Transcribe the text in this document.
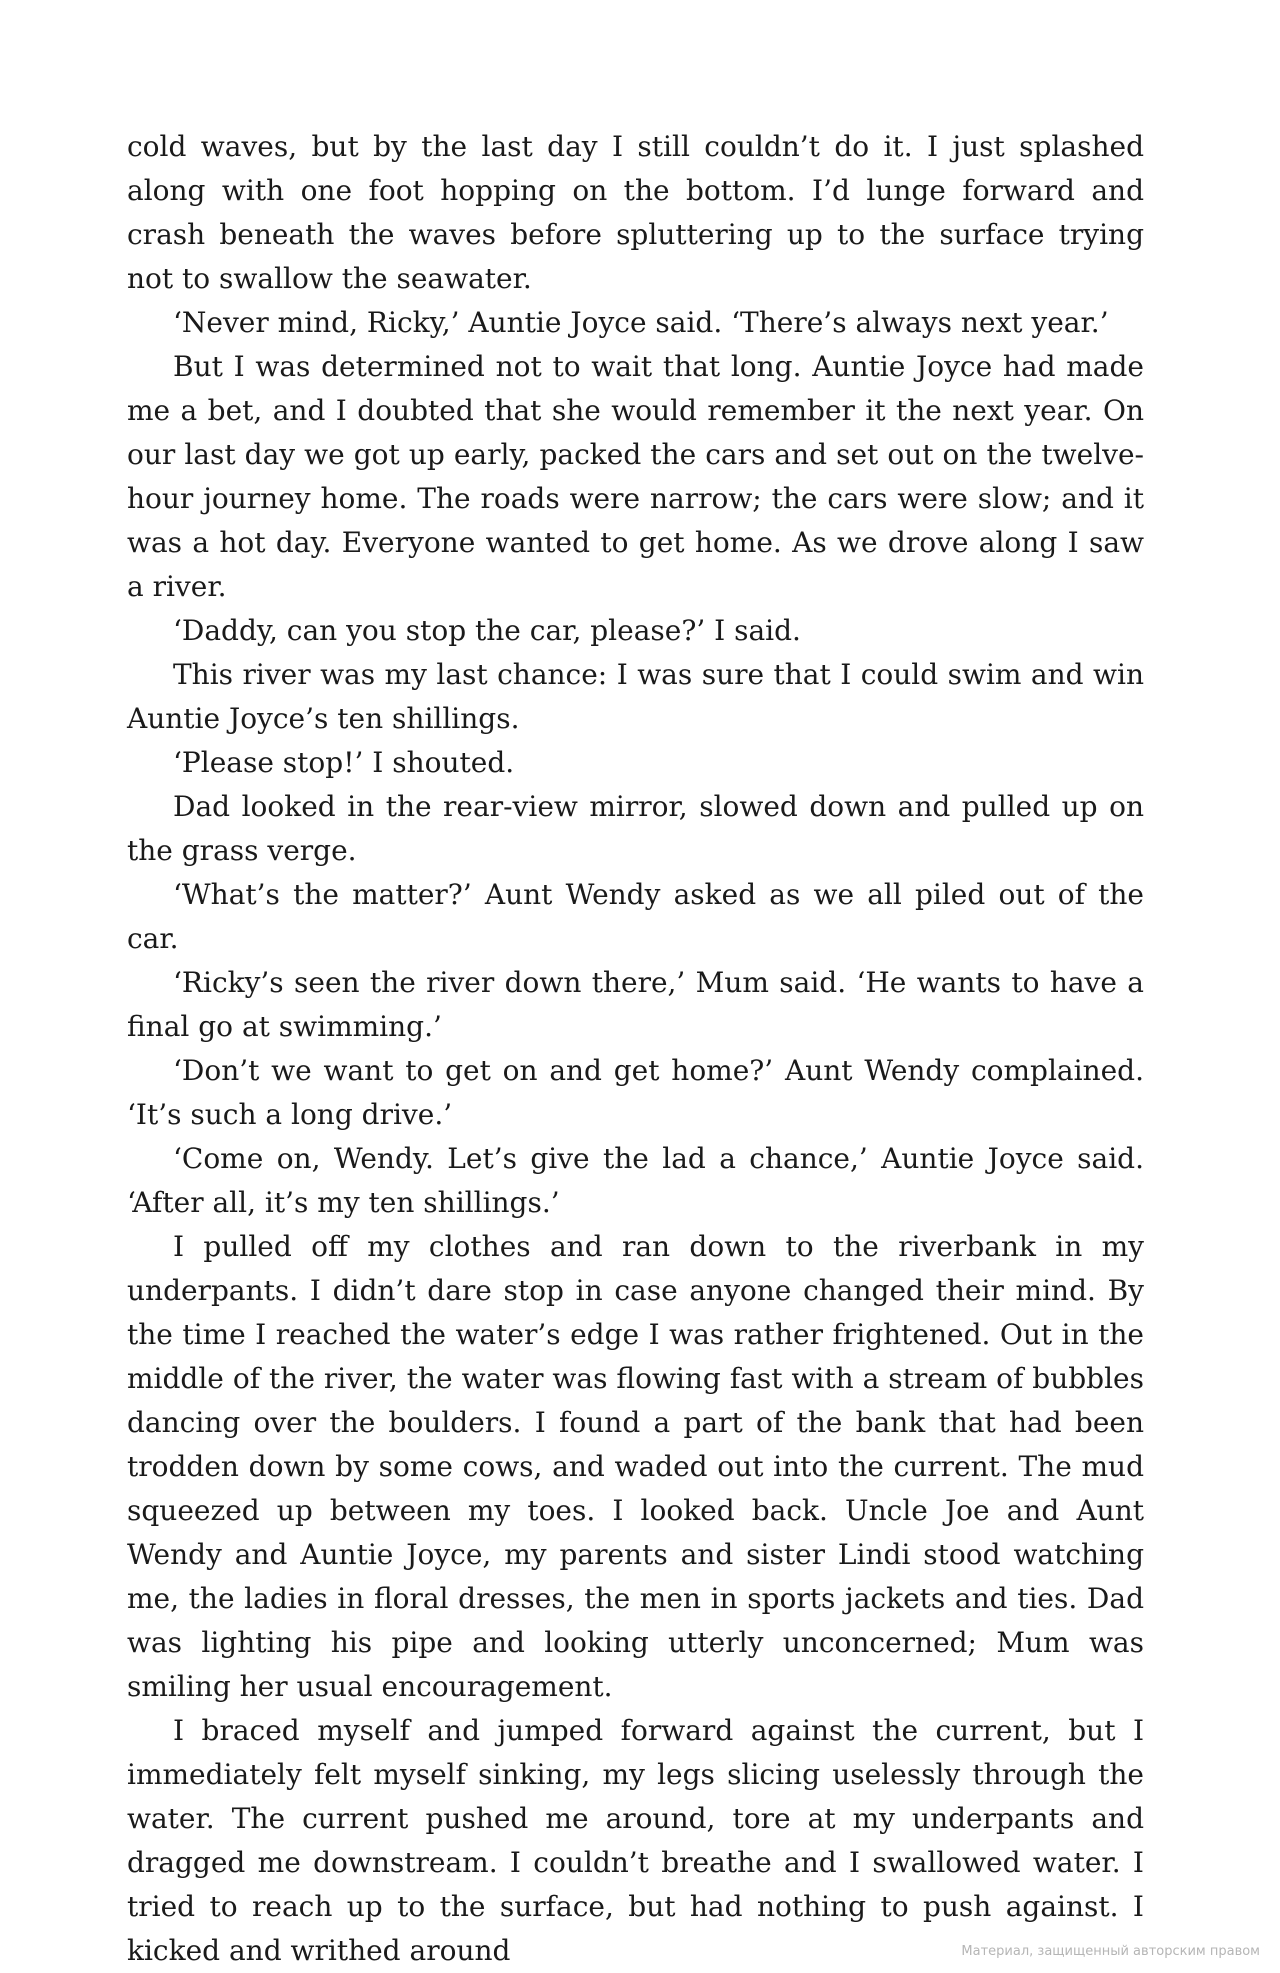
cold waves, but by the last day I still couldn’t do it. I just splashed along with one foot hopping on the bottom. I’d lunge forward and crash beneath the waves before spluttering up to the surface trying not to swallow the seawater.

‘Never mind, Ricky,’ Auntie Joyce said. ‘There’s always next year.’

But I was determined not to wait that long. Auntie Joyce had made me a bet, and I doubted that she would remember it the next year. On our last day we got up early, packed the cars and set out on the twelve-hour journey home. The roads were narrow; the cars were slow; and it was a hot day. Everyone wanted to get home. As we drove along I saw a river.

‘Daddy, can you stop the car, please?’ I said.

This river was my last chance: I was sure that I could swim and win Auntie Joyce’s ten shillings.

‘Please stop!’ I shouted.

Dad looked in the rear-view mirror, slowed down and pulled up on the grass verge.

‘What’s the matter?’ Aunt Wendy asked as we all piled out of the car.

‘Ricky’s seen the river down there,’ Mum said. ‘He wants to have a final go at swimming.’

‘Don’t we want to get on and get home?’ Aunt Wendy complained. ‘It’s such a long drive.’

‘Come on, Wendy. Let’s give the lad a chance,’ Auntie Joyce said. ‘After all, it’s my ten shillings.’

I pulled off my clothes and ran down to the riverbank in my underpants. I didn’t dare stop in case anyone changed their mind. By the time I reached the water’s edge I was rather frightened. Out in the middle of the river, the water was flowing fast with a stream of bubbles dancing over the boulders. I found a part of the bank that had been trodden down by some cows, and waded out into the current. The mud squeezed up between my toes. I looked back. Uncle Joe and Aunt Wendy and Auntie Joyce, my parents and sister Lindi stood watching me, the ladies in floral dresses, the men in sports jackets and ties. Dad was lighting his pipe and looking utterly unconcerned; Mum was smiling her usual encouragement.

I braced myself and jumped forward against the current, but I immediately felt myself sinking, my legs slicing uselessly through the water. The current pushed me around, tore at my underpants and dragged me downstream. I couldn’t breathe and I swallowed water. I tried to reach up to the surface, but had nothing to push against. I kicked and writhed around	Материал, защищенный авторским правом
